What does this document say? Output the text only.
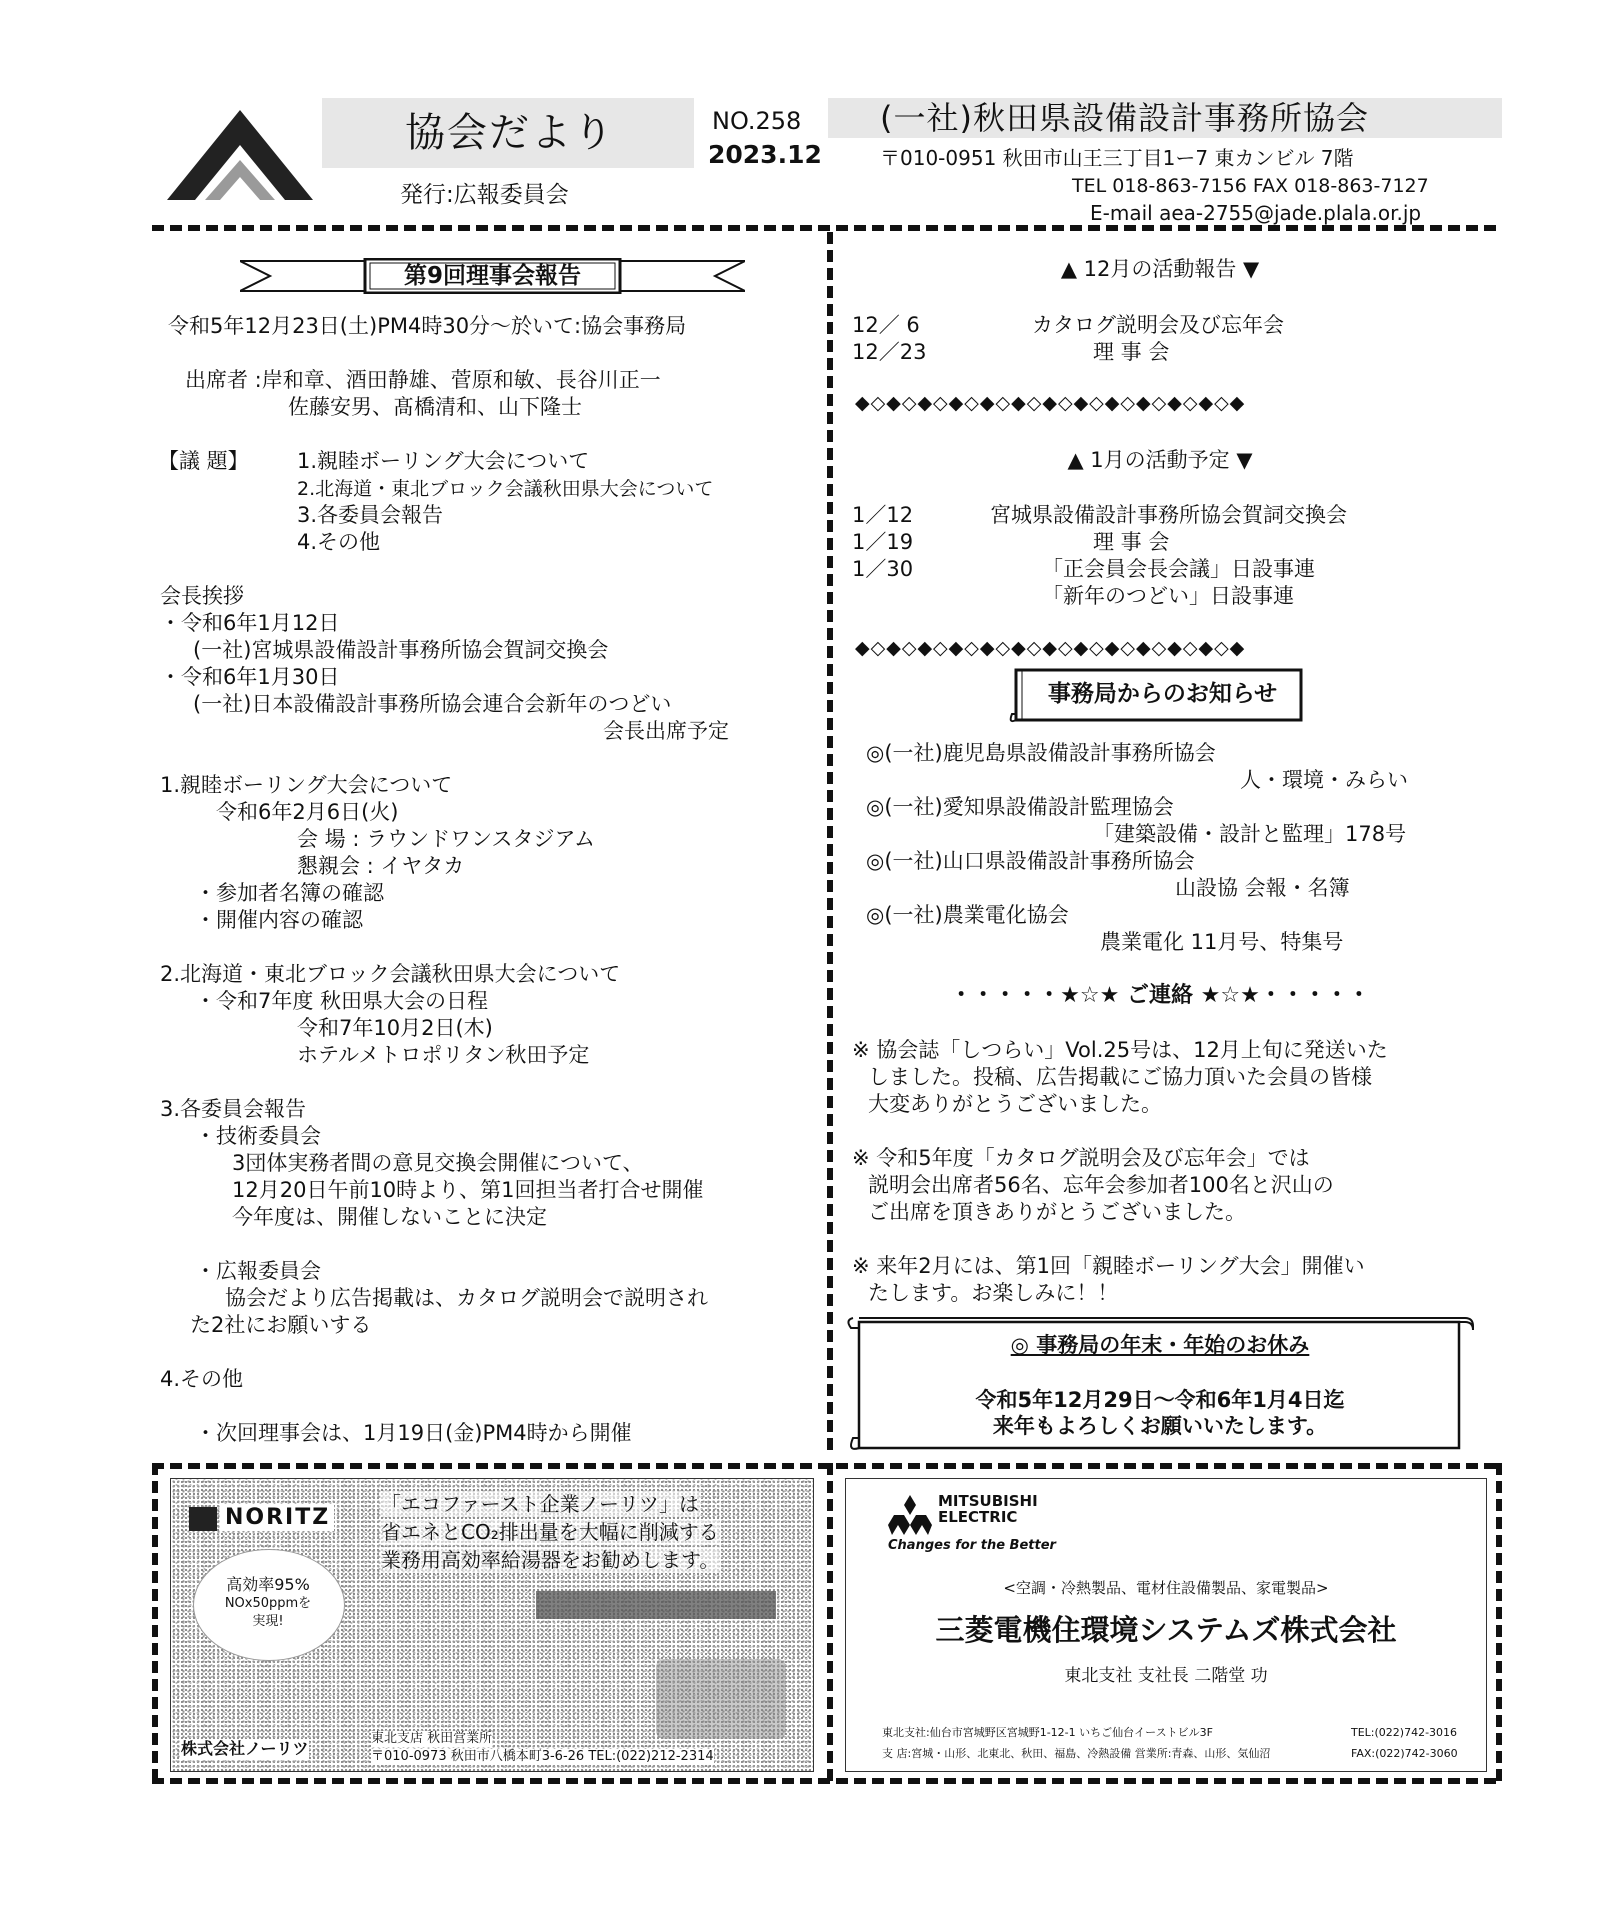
協会だより
発行:広報委員会
NO.258
2023.12
(一社)秋田県設備設計事務所協会
〒010-0951 秋田市山王三丁目1ー7 東カンビル 7階
TEL 018-863-7156 FAX 018-863-7127
E-mail aea-2755@jade.plala.or.jp
第9回理事会報告
令和5年12月23日(土)PM4時30分～於いて:協会事務局
出席者 :岸和章、酒田静雄、菅原和敏、長谷川正一
佐藤安男、髙橋清和、山下隆士
【議 題】 1.親睦ボーリング大会について
2.北海道・東北ブロック会議秋田県大会について
3.各委員会報告
4.その他
会長挨拶
・令和6年1月12日
(一社)宮城県設備設計事務所協会賀詞交換会
・令和6年1月30日
(一社)日本設備設計事務所協会連合会新年のつどい
会長出席予定
1.親睦ボーリング大会について
令和6年2月6日(火)
会 場 : ラウンドワンスタジアム
懇親会 : イヤタカ
・参加者名簿の確認
・開催内容の確認
2.北海道・東北ブロック会議秋田県大会について
・令和7年度 秋田県大会の日程
令和7年10月2日(木)
ホテルメトロポリタン秋田予定
3.各委員会報告
・技術委員会
3団体実務者間の意見交換会開催について、
12月20日午前10時より、第1回担当者打合せ開催
今年度は、開催しないことに決定
・広報委員会
協会だより広告掲載は、カタログ説明会で説明され
た2社にお願いする
4.その他
・次回理事会は、1月19日(金)PM4時から開催
▲ 12月の活動報告 ▼
12／ 6	カタログ説明会及び忘年会
12／23	理 事 会
◆◇◆◇◆◇◆◇◆◇◆◇◆◇◆◇◆◇◆◇◆◇◆◇◆
▲ 1月の活動予定 ▼
1／12	宮城県設備設計事務所協会賀詞交換会
1／19	理 事 会
1／30	「正会員会長会議」日設事連
「新年のつどい」日設事連
◆◇◆◇◆◇◆◇◆◇◆◇◆◇◆◇◆◇◆◇◆◇◆◇◆
事務局からのお知らせ
◎(一社)鹿児島県設備設計事務所協会
人・環境・みらい
◎(一社)愛知県設備設計監理協会
「建築設備・設計と監理」178号
◎(一社)山口県設備設計事務所協会
山設協 会報・名簿
◎(一社)農業電化協会
農業電化 11月号、特集号
・・・・・★☆★ ご連絡 ★☆★・・・・・
※ 協会誌「しつらい」Vol.25号は、12月上旬に発送いた
しました。投稿、広告掲載にご協力頂いた会員の皆様
大変ありがとうございました。
※ 令和5年度「カタログ説明会及び忘年会」では
説明会出席者56名、忘年会参加者100名と沢山の
ご出席を頂きありがとうございました。
※ 来年2月には、第1回「親睦ボーリング大会」開催い
たします。お楽しみに！！
◎ 事務局の年末・年始のお休み
令和5年12月29日～令和6年1月4日迄
来年もよろしくお願いいたします。
NORITZ
「エコファースト企業ノーリツ」は
省エネとCO₂排出量を大幅に削減する
業務用高効率給湯器をお勧めします。
高効率95%
NOx50ppmを
実現!
株式会社ノーリツ
東北支店 秋田営業所
〒010-0973 秋田市八橋本町3-6-26 TEL:(022)212-2314
MITSUBISHI
ELECTRIC
Changes for the Better
<空調・冷熱製品、電材住設備製品、家電製品>
三菱電機住環境システムズ株式会社
東北支社 支社長 二階堂 功
東北支社:仙台市宮城野区宮城野1-12-1 いちご仙台イーストビル3F	TEL:(022)742-3016
支 店:宮城・山形、北東北、秋田、福島、冷熱設備 営業所:青森、山形、気仙沼	FAX:(022)742-3060
